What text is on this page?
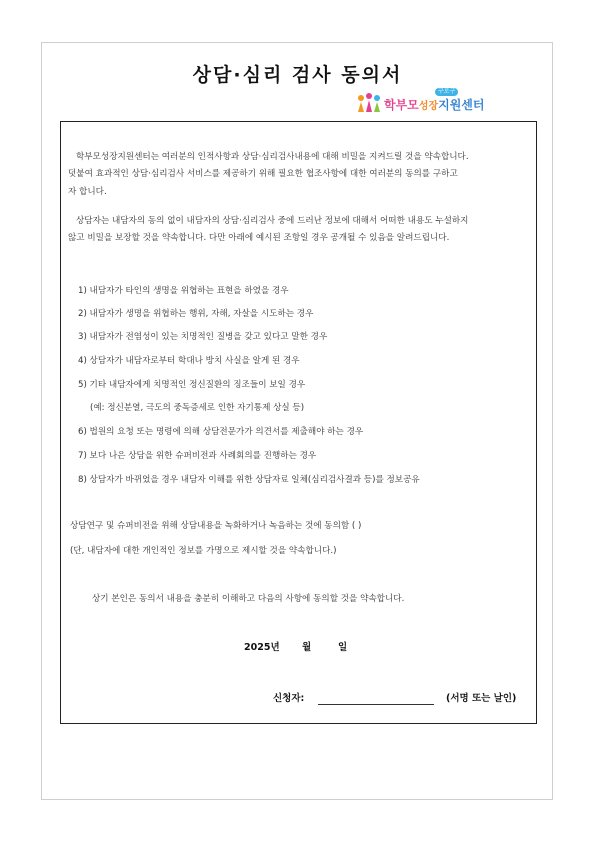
상담·심리 검사 동의서
구로구
학부모성장지원센터
학부모성장지원센터는 여러분의 인적사항과 상담·심리검사내용에 대해 비밀을 지켜드릴 것을 약속합니다.
덧붙여 효과적인 상담·심리검사 서비스를 제공하기 위해 필요한 협조사항에 대한 여러분의 동의를 구하고
자 합니다.
상담자는 내담자의 동의 없이 내담자의 상담·심리검사 중에 드러난 정보에 대해서 어떠한 내용도 누설하지
않고 비밀을 보장할 것을 약속합니다. 다만 아래에 예시된 조항일 경우 공개될 수 있음을 알려드립니다.
1) 내담자가 타인의 생명을 위협하는 표현을 하였을 경우
2) 내담자가 생명을 위협하는 행위, 자해, 자살을 시도하는 경우
3) 내담자가 전염성이 있는 치명적인 질병을 갖고 있다고 말한 경우
4) 상담자가 내담자로부터 학대나 방치 사실을 알게 된 경우
5) 기타 내담자에게 치명적인 정신질환의 징조들이 보일 경우
(예: 정신분열, 극도의 중독증세로 인한 자기통제 상실 등)
6) 법원의 요청 또는 명령에 의해 상담전문가가 의견서를 제출해야 하는 경우
7) 보다 나은 상담을 위한 슈퍼비전과 사례회의를 진행하는 경우
8) 상담자가 바뀌었을 경우 내담자 이해를 위한 상담자료 일체(심리검사결과 등)를 정보공유
상담연구 및 슈퍼비전을 위해 상담내용을 녹화하거나 녹음하는 것에 동의함 ( )
(단, 내담자에 대한 개인적인 정보를 가명으로 제시할 것을 약속합니다.)
상기 본인은 동의서 내용을 충분히 이해하고 다음의 사항에 동의할 것을 약속합니다.
2025년 월	일
신청자:	(서명 또는 날인)
